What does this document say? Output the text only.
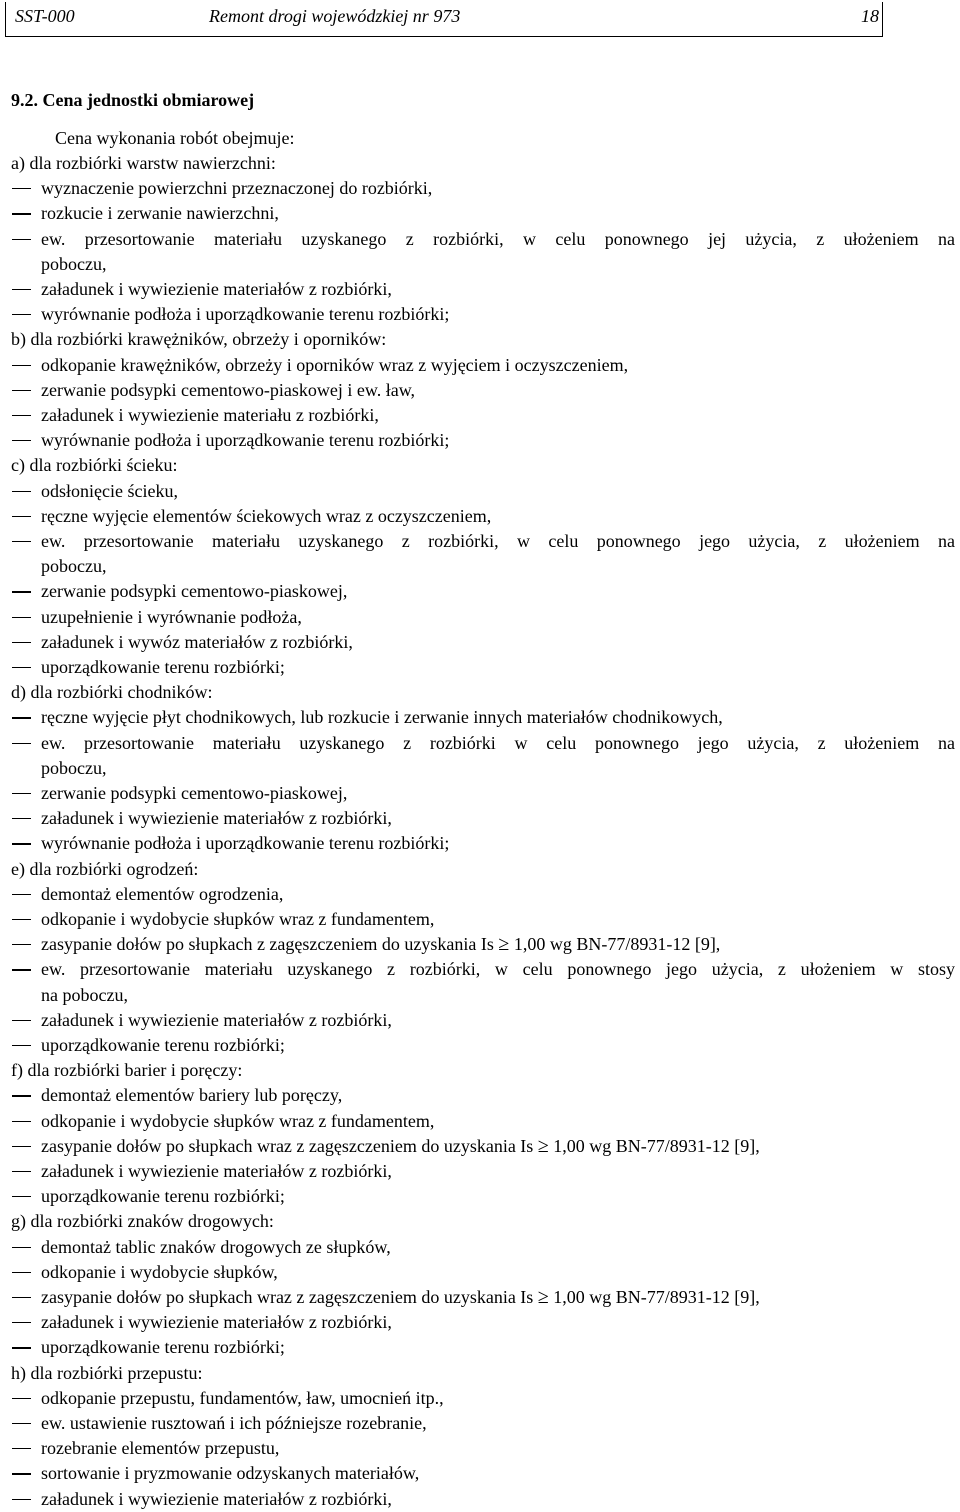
SST-000	Remont drogi wojewódzkiej nr 973	18
9.2. Cena jednostki obmiarowej
Cena wykonania robót obejmuje:
a) dla rozbiórki warstw nawierzchni:
wyznaczenie powierzchni przeznaczonej do rozbiórki,
rozkucie i zerwanie nawierzchni,
ew. przesortowanie materiału uzyskanego z rozbiórki, w celu ponownego jej użycia, z ułożeniem na
poboczu,
załadunek i wywiezienie materiałów z rozbiórki,
wyrównanie podłoża i uporządkowanie terenu rozbiórki;
b) dla rozbiórki krawężników, obrzeży i oporników:
odkopanie krawężników, obrzeży i oporników wraz z wyjęciem i oczyszczeniem,
zerwanie podsypki cementowo-piaskowej i ew. ław,
załadunek i wywiezienie materiału z rozbiórki,
wyrównanie podłoża i uporządkowanie terenu rozbiórki;
c) dla rozbiórki ścieku:
odsłonięcie ścieku,
ręczne wyjęcie elementów ściekowych wraz z oczyszczeniem,
ew. przesortowanie materiału uzyskanego z rozbiórki, w celu ponownego jego użycia, z ułożeniem na
poboczu,
zerwanie podsypki cementowo-piaskowej,
uzupełnienie i wyrównanie podłoża,
załadunek i wywóz materiałów z rozbiórki,
uporządkowanie terenu rozbiórki;
d) dla rozbiórki chodników:
ręczne wyjęcie płyt chodnikowych, lub rozkucie i zerwanie innych materiałów chodnikowych,
ew. przesortowanie materiału uzyskanego z rozbiórki w celu ponownego jego użycia, z ułożeniem na
poboczu,
zerwanie podsypki cementowo-piaskowej,
załadunek i wywiezienie materiałów z rozbiórki,
wyrównanie podłoża i uporządkowanie terenu rozbiórki;
e) dla rozbiórki ogrodzeń:
demontaż elementów ogrodzenia,
odkopanie i wydobycie słupków wraz z fundamentem,
zasypanie dołów po słupkach z zagęszczeniem do uzyskania Is ≥ 1,00 wg BN-77/8931-12 [9],
ew. przesortowanie materiału uzyskanego z rozbiórki, w celu ponownego jego użycia, z ułożeniem w stosy
na poboczu,
załadunek i wywiezienie materiałów z rozbiórki,
uporządkowanie terenu rozbiórki;
f) dla rozbiórki barier i poręczy:
demontaż elementów bariery lub poręczy,
odkopanie i wydobycie słupków wraz z fundamentem,
zasypanie dołów po słupkach wraz z zagęszczeniem do uzyskania Is ≥ 1,00 wg BN-77/8931-12 [9],
załadunek i wywiezienie materiałów z rozbiórki,
uporządkowanie terenu rozbiórki;
g) dla rozbiórki znaków drogowych:
demontaż tablic znaków drogowych ze słupków,
odkopanie i wydobycie słupków,
zasypanie dołów po słupkach wraz z zagęszczeniem do uzyskania Is ≥ 1,00 wg BN-77/8931-12 [9],
załadunek i wywiezienie materiałów z rozbiórki,
uporządkowanie terenu rozbiórki;
h) dla rozbiórki przepustu:
odkopanie przepustu, fundamentów, ław, umocnień itp.,
ew. ustawienie rusztowań i ich późniejsze rozebranie,
rozebranie elementów przepustu,
sortowanie i pryzmowanie odzyskanych materiałów,
załadunek i wywiezienie materiałów z rozbiórki,
